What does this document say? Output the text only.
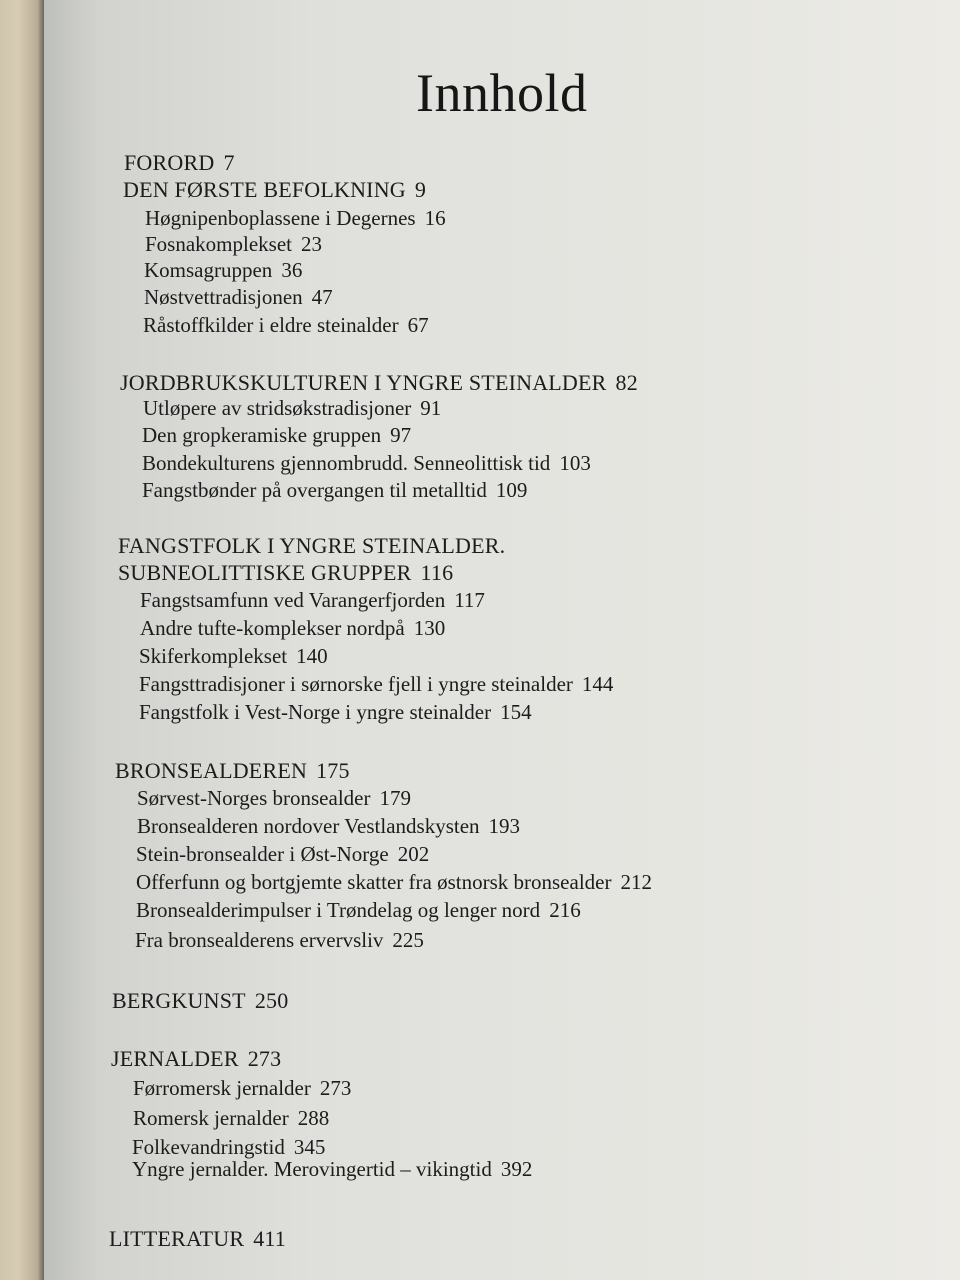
Innhold
FORORD 7
DEN FØRSTE BEFOLKNING 9
Høgnipenboplassene i Degernes 16
Fosnakomplekset 23
Komsagruppen 36
Nøstvettradisjonen 47
Råstoffkilder i eldre steinalder 67
JORDBRUKSKULTUREN I YNGRE STEINALDER 82
Utløpere av stridsøkstradisjoner 91
Den gropkeramiske gruppen 97
Bondekulturens gjennombrudd. Senneolittisk tid 103
Fangstbønder på overgangen til metalltid 109
FANGSTFOLK I YNGRE STEINALDER.
SUBNEOLITTISKE GRUPPER 116
Fangstsamfunn ved Varangerfjorden 117
Andre tufte-komplekser nordpå 130
Skiferkomplekset 140
Fangsttradisjoner i sørnorske fjell i yngre steinalder 144
Fangstfolk i Vest-Norge i yngre steinalder 154
BRONSEALDEREN 175
Sørvest-Norges bronsealder 179
Bronsealderen nordover Vestlandskysten 193
Stein-bronsealder i Øst-Norge 202
Offerfunn og bortgjemte skatter fra østnorsk bronsealder 212
Bronsealderimpulser i Trøndelag og lenger nord 216
Fra bronsealderens ervervsliv 225
BERGKUNST 250
JERNALDER 273
Førromersk jernalder 273
Romersk jernalder 288
Folkevandringstid 345
Yngre jernalder. Merovingertid – vikingtid 392
LITTERATUR 411
